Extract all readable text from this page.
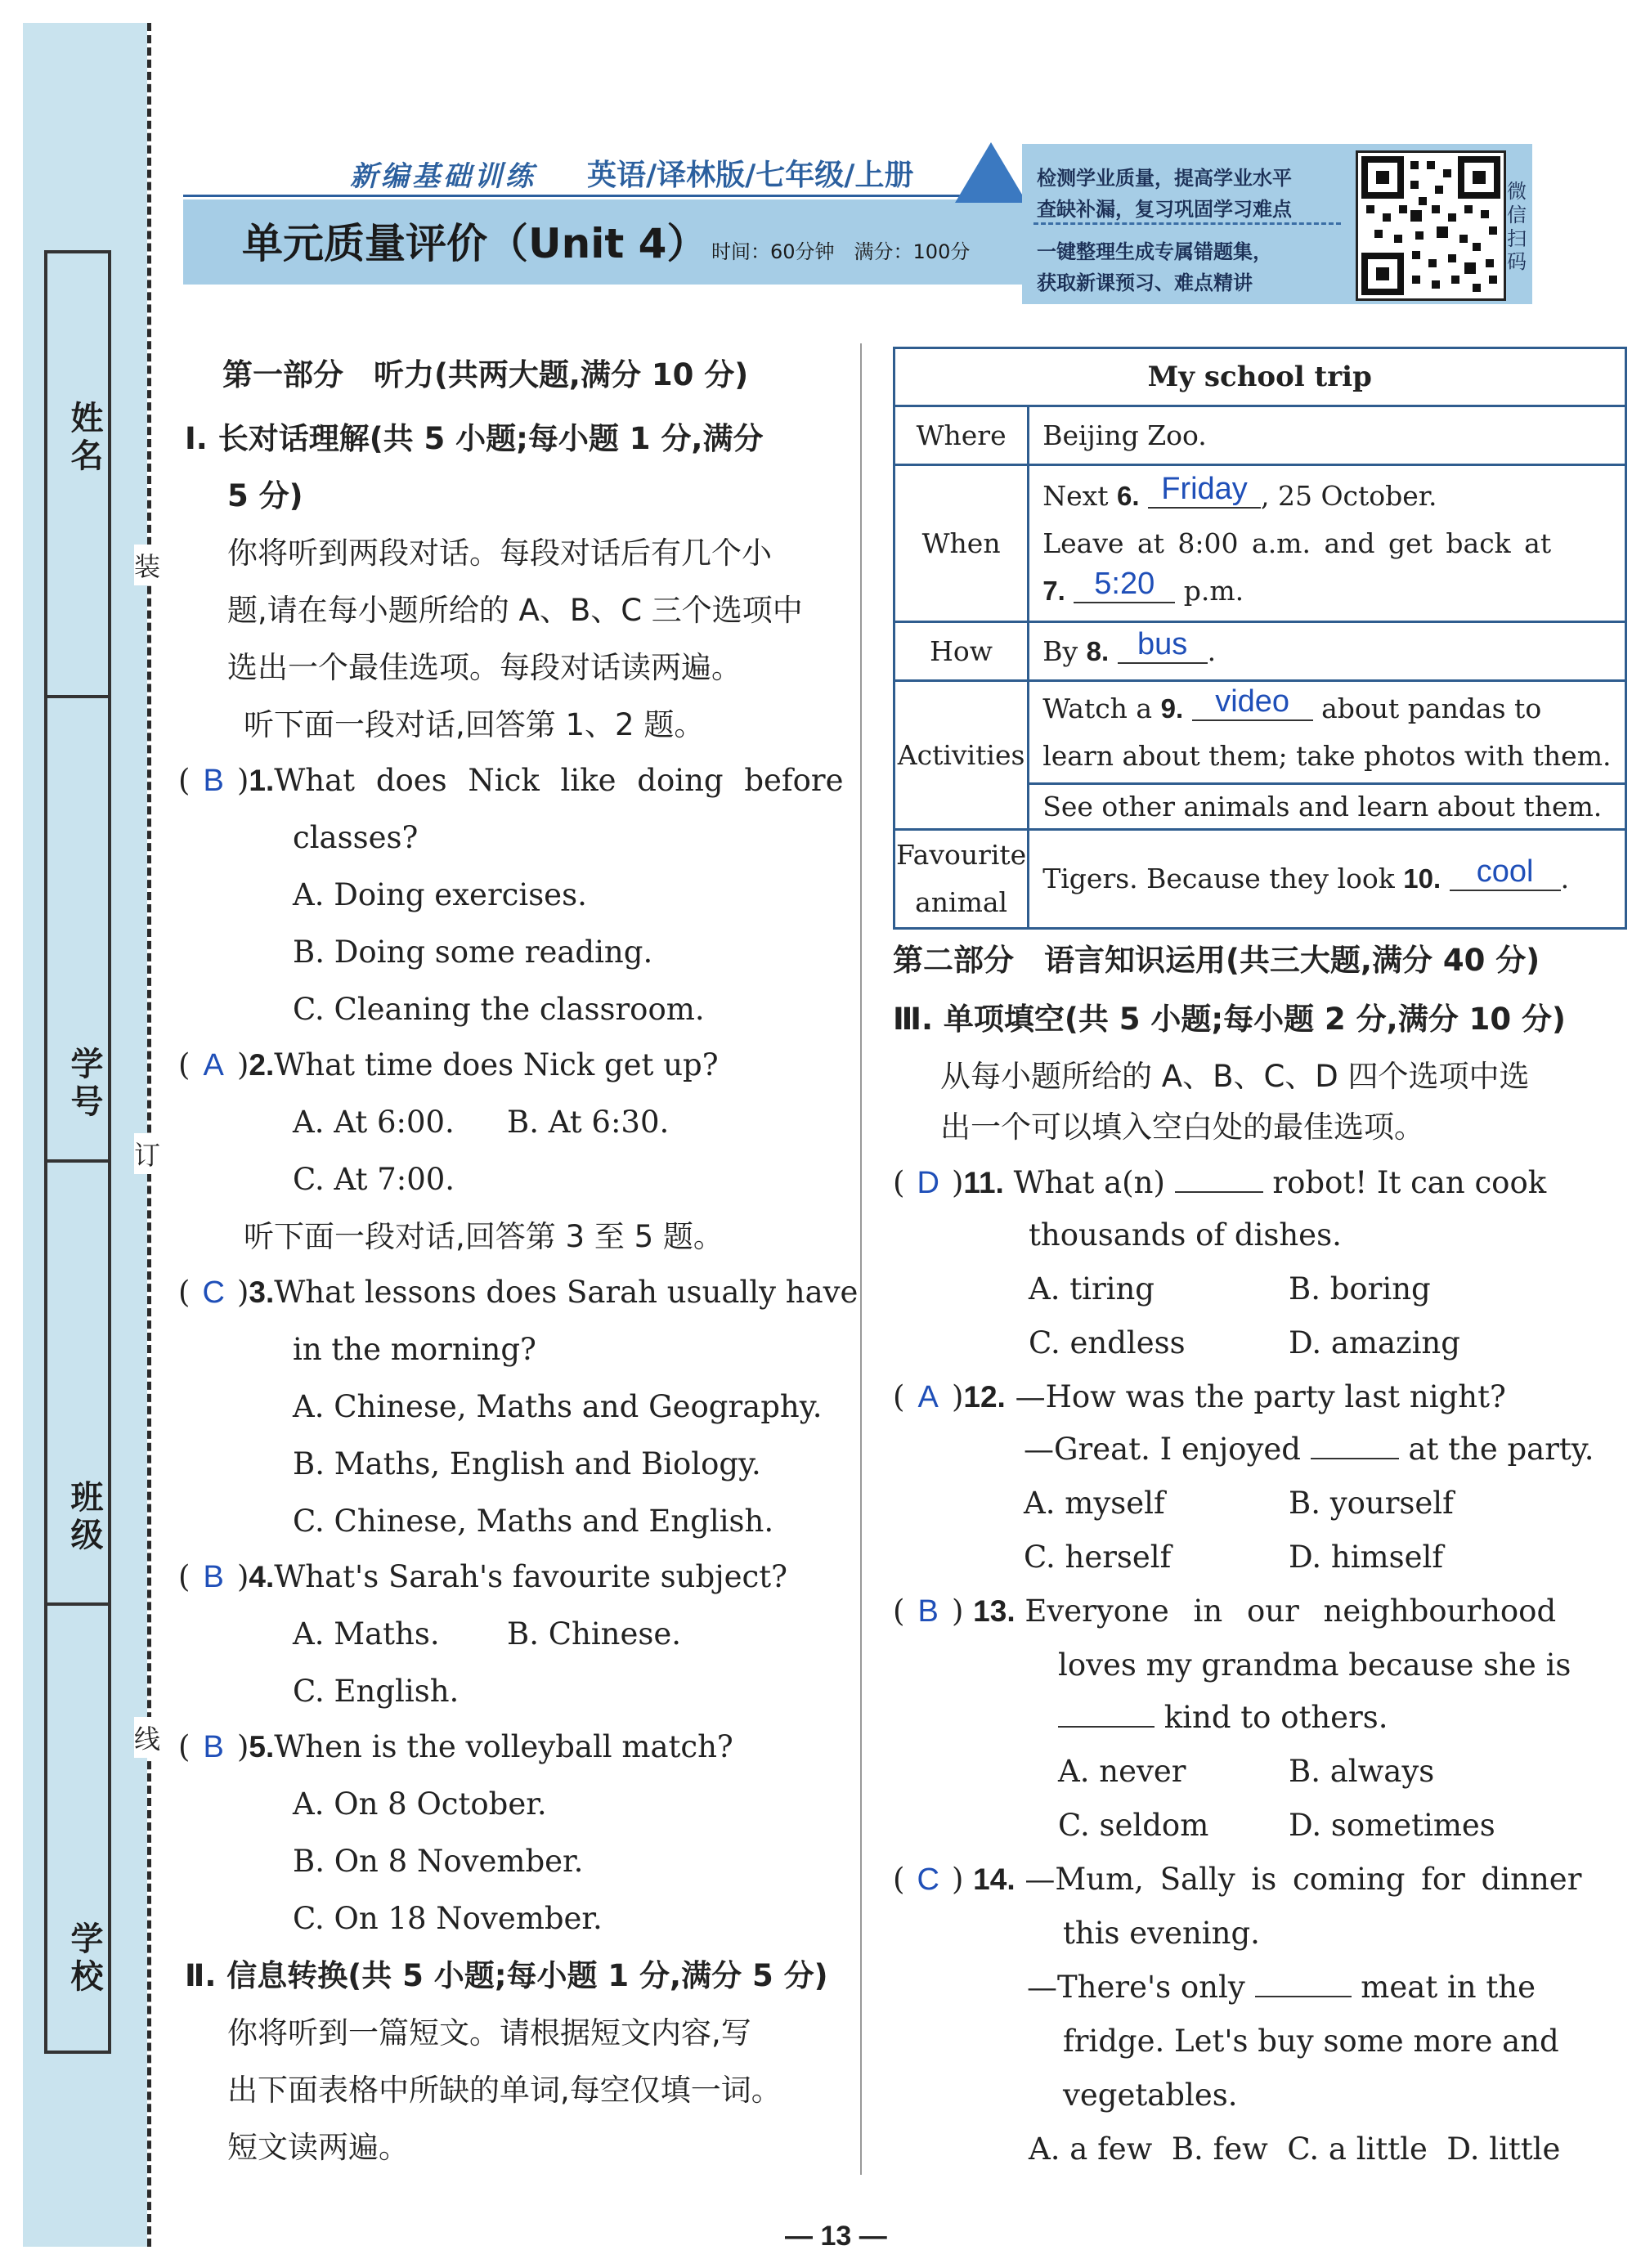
姓名
学号
班级
学校
装
订
线
新编基础训练 英语/译林版/七年级/上册
单元质量评价（Unit 4） 时间：60分钟　满分：100分
检测学业质量，提高学业水平
查缺补漏，复习巩固学习难点
一键整理生成专属错题集，
获取新课预习、难点精讲
微
信
扫
码
第一部分　听力(共两大题,满分 10 分)
Ⅰ. 长对话理解(共 5 小题;每小题 1 分,满分
5 分)
你将听到两段对话。每段对话后有几个小
题,请在每小题所给的 A、B、C 三个选项中
选出一个最佳选项。每段对话读两遍。
听下面一段对话,回答第 1、2 题。
( B )1.What does Nick like doing before
classes?
A. Doing exercises.
B. Doing some reading.
C. Cleaning the classroom.
( A )2.What time does Nick get up?
A. At 6:00. B. At 6:30.
C. At 7:00.
听下面一段对话,回答第 3 至 5 题。
( C )3.What lessons does Sarah usually have
in the morning?
A. Chinese, Maths and Geography.
B. Maths, English and Biology.
C. Chinese, Maths and English.
( B )4.What's Sarah's favourite subject?
A. Maths. B. Chinese.
C. English.
( B )5.When is the volleyball match?
A. On 8 October.
B. On 8 November.
C. On 18 November.
Ⅱ. 信息转换(共 5 小题;每小题 1 分,满分 5 分)
你将听到一篇短文。请根据短文内容,写
出下面表格中所缺的单词,每空仅填一词。
短文读两遍。
My school trip	
Where	Beijing Zoo.
When	Next 6. Friday , 25 October.
Leave at 8:00 a.m. and get back at
7. 5:20 p.m.

How	By 8. bus .
Activities	Watch a 9. video about pandas to
learn about them; take photos with them.

	See other animals and learn about them.

Favourite
animal	Tigers. Because they look 10. cool .
第二部分　语言知识运用(共三大题,满分 40 分)
Ⅲ. 单项填空(共 5 小题;每小题 2 分,满分 10 分)
从每小题所给的 A、B、C、D 四个选项中选
出一个可以填入空白处的最佳选项。
( D )11. What a(n)	robot! It can cook
thousands of dishes.
A. tiring	B. boring
C. endless	D. amazing
( A )12. —How was the party last night?
—Great. I enjoyed	at the party.
A. myself	B. yourself
C. herself	D. himself
( B ) 13. Everyone in our neighbourhood
loves my grandma because she is
kind to others.
A. never	B. always
C. seldom	D. sometimes
( C ) 14. —Mum, Sally is coming for dinner
this evening.
—There's only	meat in the
fridge. Let's buy some more and
vegetables.
A. a few B. few C. a little D. little
— 13 —
